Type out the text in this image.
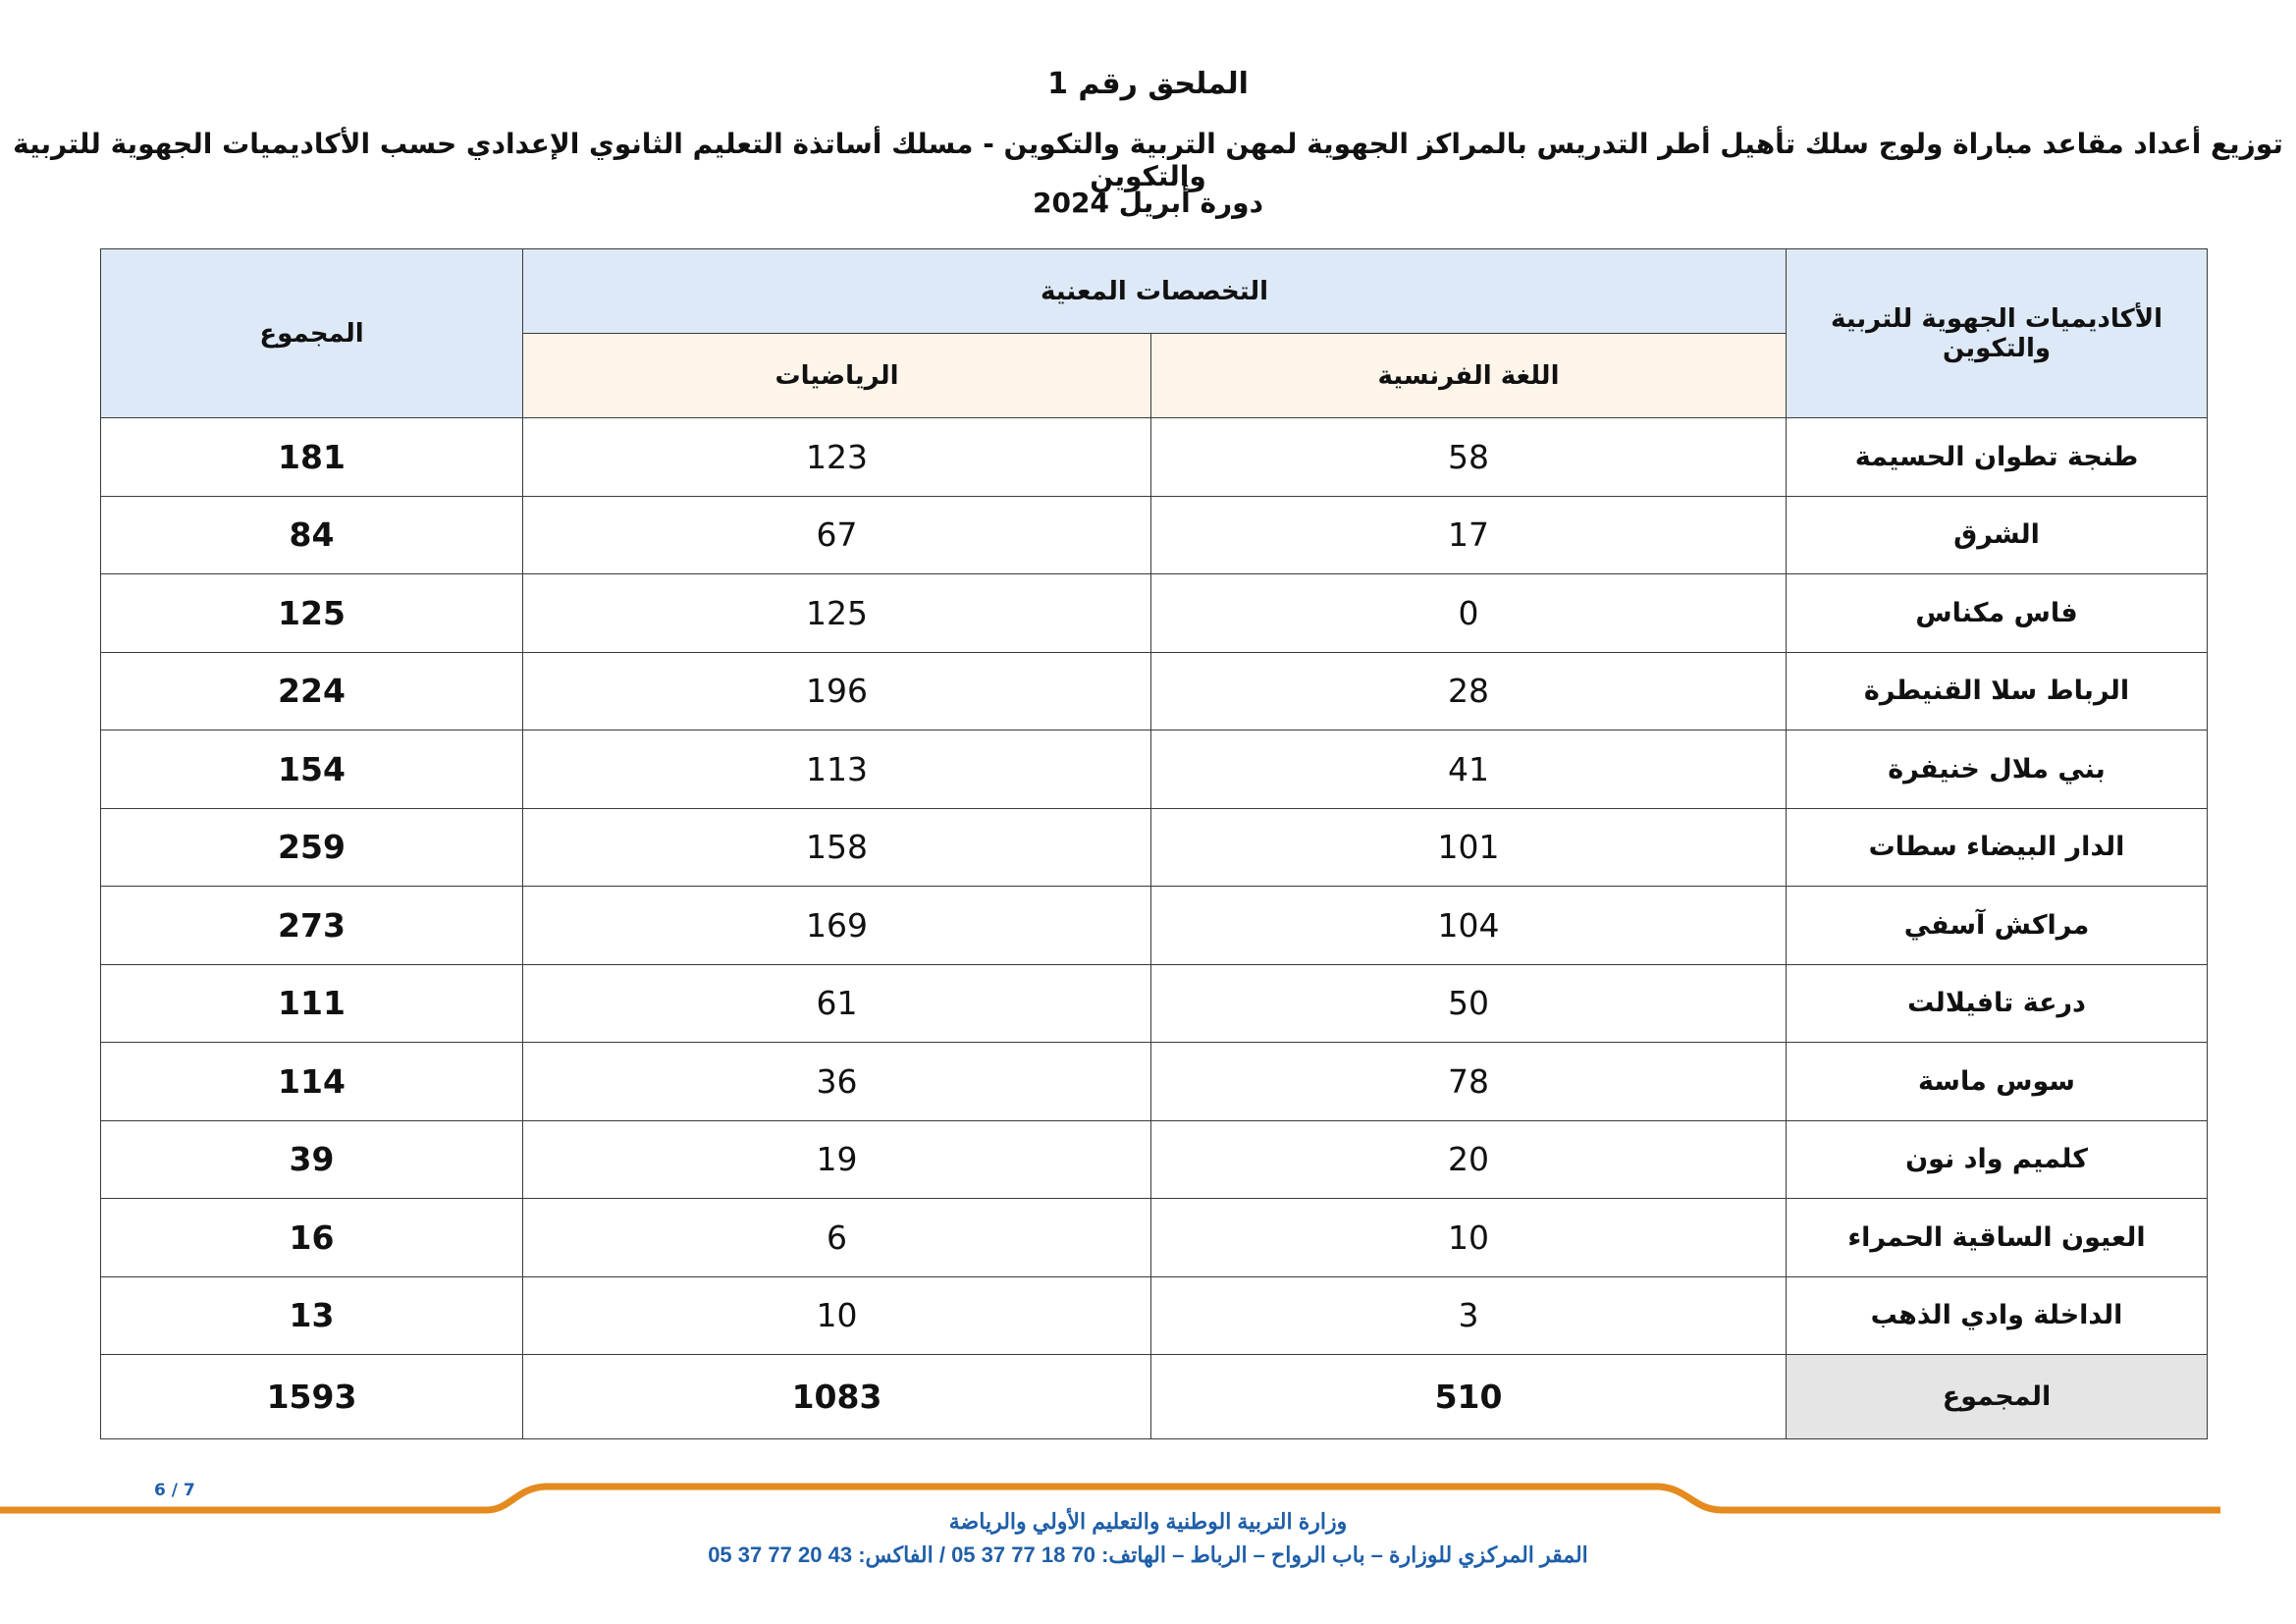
الملحق رقم 1
توزيع أعداد مقاعد مباراة ولوج سلك تأهيل أطر التدريس بالمراكز الجهوية لمهن التربية والتكوين - مسلك أساتذة التعليم الثانوي الإعدادي حسب الأكاديميات الجهوية للتربية والتكوين
دورة أبريل 2024
الأكاديميات الجهوية للتربية والتكوين	التخصصات المعنية		المجموع
	اللغة الفرنسية	الرياضيات	
طنجة تطوان الحسيمة	58	123	181
الشرق	17	67	84
فاس مكناس	0	125	125
الرباط سلا القنيطرة	28	196	224
بني ملال خنيفرة	41	113	154
الدار البيضاء سطات	101	158	259
مراكش آسفي	104	169	273
درعة تافيلالت	50	61	111
سوس ماسة	78	36	114
كلميم واد نون	20	19	39
العيون الساقية الحمراء	10	6	16
الداخلة وادي الذهب	3	10	13
المجموع	510	1083	1593
6 / 7
وزارة التربية الوطنية والتعليم الأولي والرياضة
المقر المركزي للوزارة – باب الرواح – الرباط – الهاتف: 70 18 77 37 05 / الفاكس: 43 20 77 37 05
